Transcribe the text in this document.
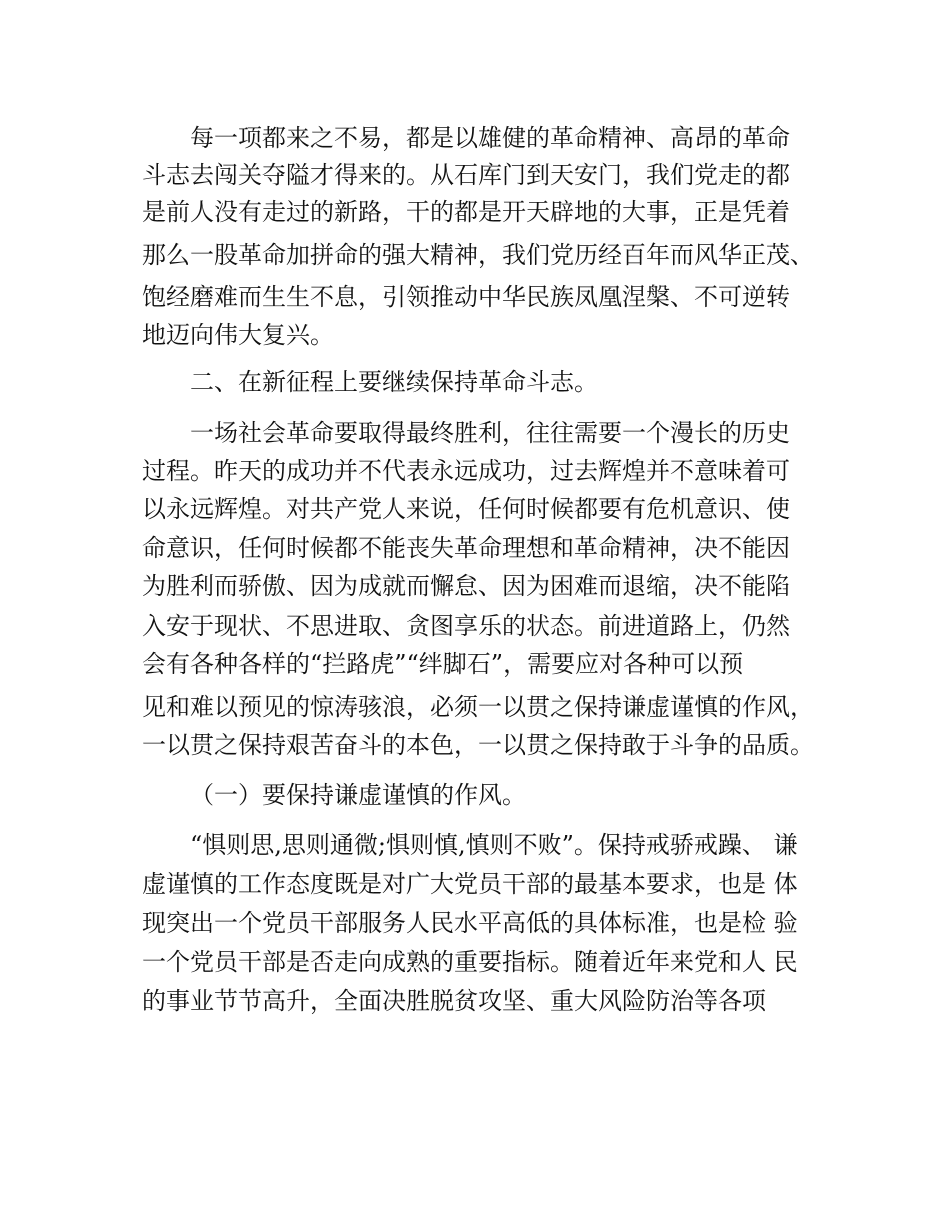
每一项都来之不易，都是以雄健的革命精神、高昂的革命
斗志去闯关夺隘才得来的。从石库门到天安门，我们党走的都
是前人没有走过的新路，干的都是开天辟地的大事，正是凭着
那么一股革命加拼命的强大精神，我们党历经百年而风华正茂、
饱经磨难而生生不息，引领推动中华民族凤凰涅槃、不可逆转
地迈向伟大复兴。
二、在新征程上要继续保持革命斗志。
一场社会革命要取得最终胜利，往往需要一个漫长的历史
过程。昨天的成功并不代表永远成功，过去辉煌并不意味着可
以永远辉煌。对共产党人来说，任何时候都要有危机意识、使
命意识，任何时候都不能丧失革命理想和革命精神，决不能因
为胜利而骄傲、因为成就而懈怠、因为困难而退缩，决不能陷
入安于现状、不思进取、贪图享乐的状态。前进道路上，仍然
会有各种各样的“拦路虎”“绊脚石”，需要应对各种可以预
见和难以预见的惊涛骇浪，必须一以贯之保持谦虚谨慎的作风，
一以贯之保持艰苦奋斗的本色，一以贯之保持敢于斗争的品质。
（一）要保持谦虚谨慎的作风。
“惧则思,思则通微;惧则慎,慎则不败”。保持戒骄戒躁、 谦
虚谨慎的工作态度既是对广大党员干部的最基本要求，也是 体
现突出一个党员干部服务人民水平高低的具体标准，也是检 验
一个党员干部是否走向成熟的重要指标。随着近年来党和人 民
的事业节节高升，全面决胜脱贫攻坚、重大风险防治等各项
